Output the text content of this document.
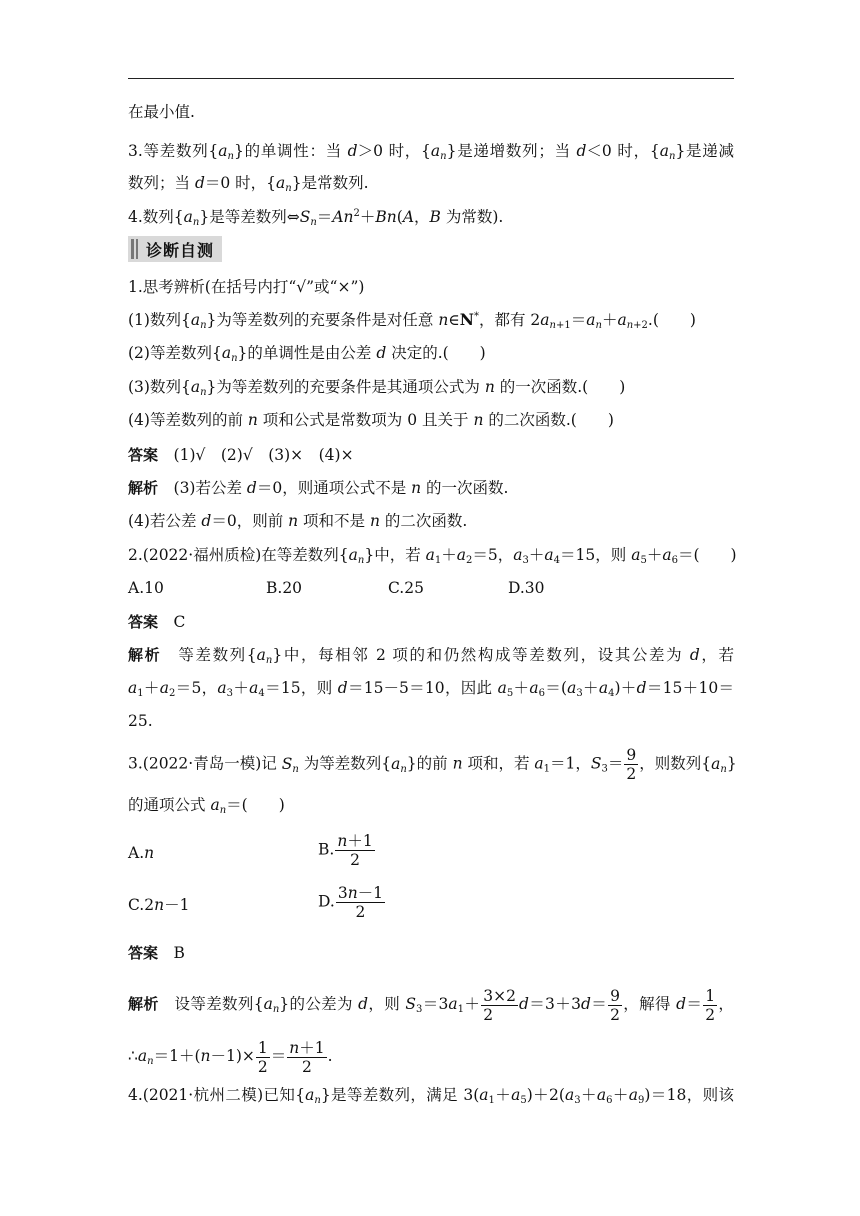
在最小值.
3.等差数列$\{a_n\}$的单调性：当 d＞0 时，$\{a_n\}$是递增数列；当 d＜0 时，$\{a_n\}$是递减
数列；当 d＝0 时，$\{a_n\}$是常数列.
4.数列$\{a_n\}$是等差数列$\Leftrightarrow S_n=An^2+Bn(A$，B 为常数).
诊断自测
1.思考辨析(在括号内打“√”或“×”)
(1)数列$\{a_n\}$为等差数列的充要条件是对任意 n∈N*，都有 $2a_{n+1}=a_n+a_{n+2}$.(　　)
(2)等差数列$\{a_n\}$的单调性是由公差 d 决定的.(　　)
(3)数列$\{a_n\}$为等差数列的充要条件是其通项公式为 n 的一次函数.(　　)
(4)等差数列的前 n 项和公式是常数项为 0 且关于 n 的二次函数.(　　)
答案　 (1)√　(2)√　(3)×　(4)×
解析　(3)若公差 d＝0，则通项公式不是 n 的一次函数.
(4)若公差 d＝0，则前 n 项和不是 n 的二次函数.
2.(2022·福州质检)在等差数列$\{a_n\}$中，若 $a_1+a_2=5$，$a_3+a_4=15$，则 $a_5+a_6=$(　　)
A.10	B.20	C.25	D.30
答案　 C
解析　等差数列$\{a_n\}$中，每相邻 2 项的和仍然构成等差数列，设其公差为 d，若
$a_1+a_2=5$，$a_3+a_4=15$，则 d＝15－5＝10，因此 $a_5+a_6=(a_3+a_4)+d=15+10=$
25.
3.(2022·青岛一模)记 $S_n$ 为等差数列$\{a_n\}$的前 n 项和，若 $a_1=1$，$S_3= \frac{9}{2}$ ，则数列$\{a_n\}$
的通项公式 $a_n=$(　　)
A.n	B. $\frac{n+1}{2}$
C.2n－1	D. $\frac{3n-1}{2}$
答案　 B
解析　设等差数列$\{a_n\}$的公差为 d，则 $S_3=3a_1+ \frac{3\times 2}{2} d=3+3d= \frac{9}{2}$ ，解得 $d= \frac{1}{2}$ ，
$\therefore a_n=1+(n-1)\times \frac{1}{2} = \frac{n+1}{2}$ .
4.(2021·杭州二模)已知$\{a_n\}$是等差数列，满足 $3(a_1+a_5)+2(a_3+a_6+a_9)=18$，则该
